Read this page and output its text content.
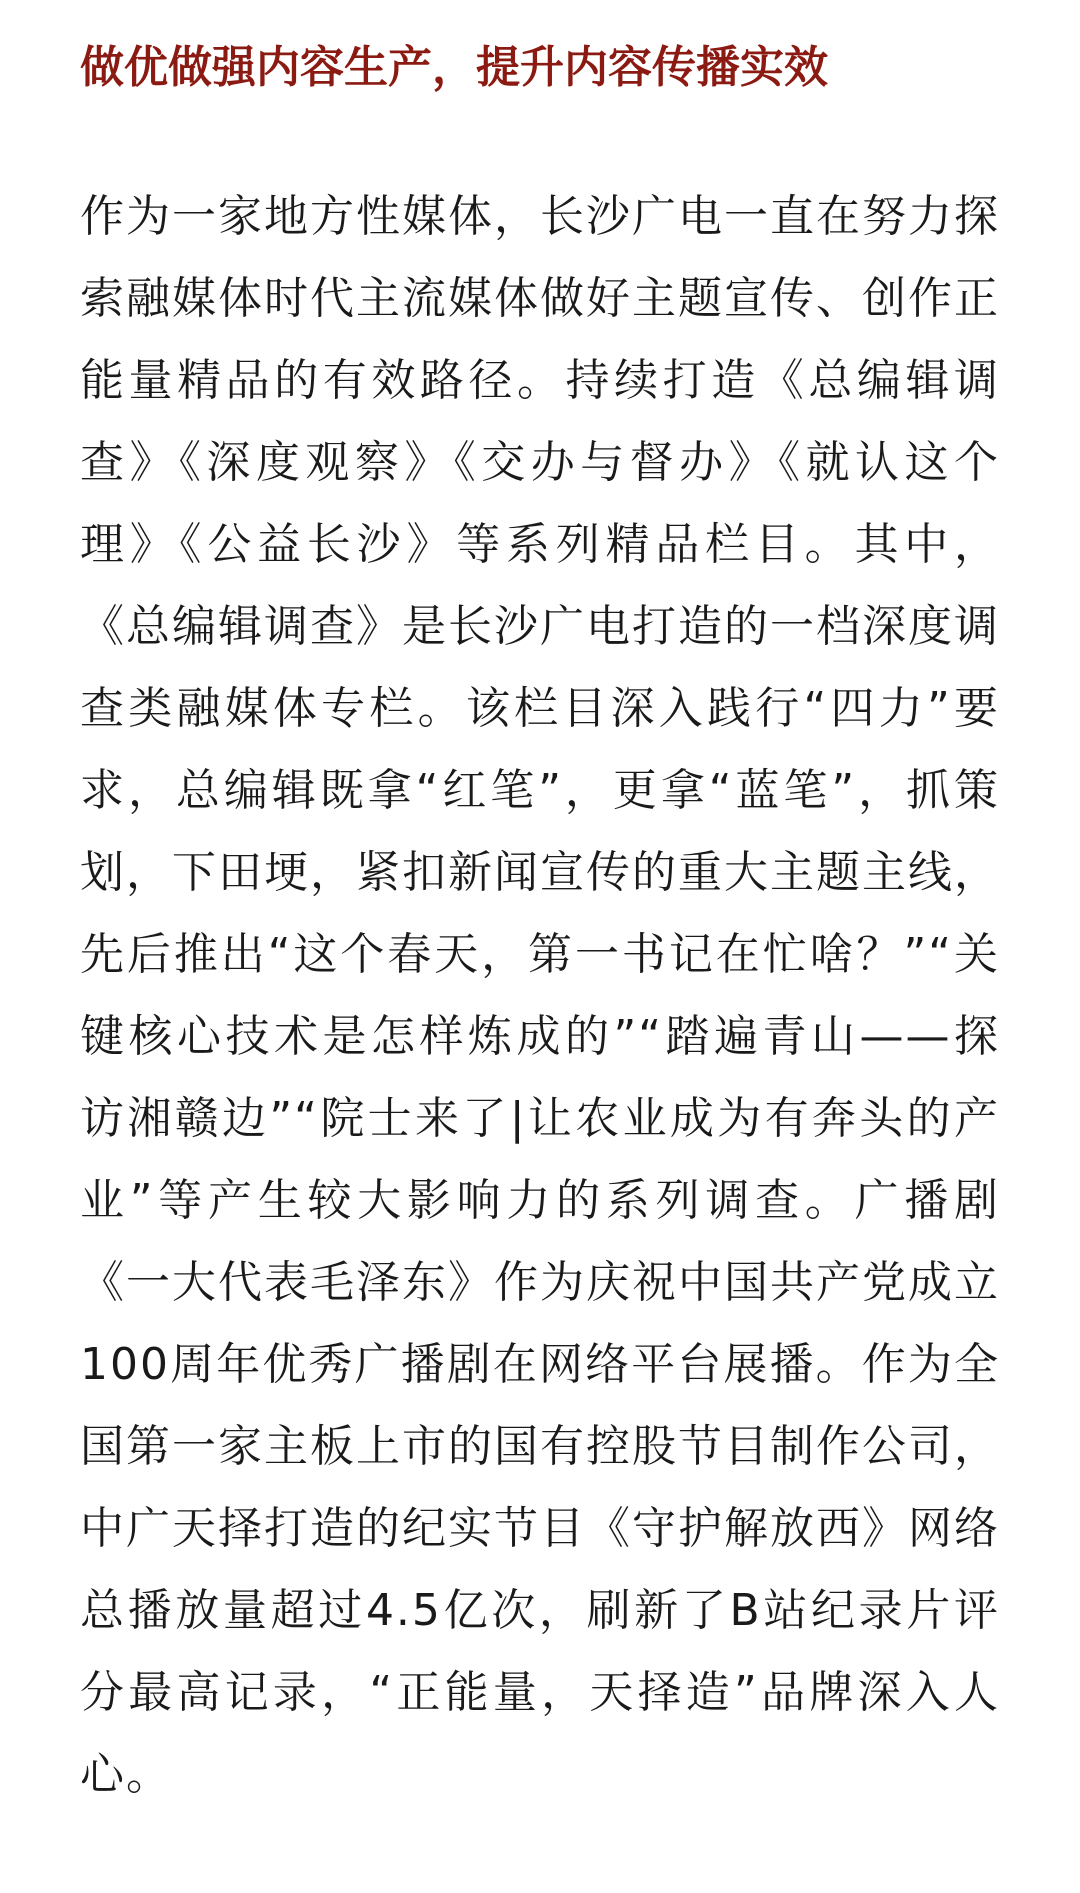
做优做强内容生产，提升内容传播实效

作为一家地方性媒体，长沙广电一直在努力探索融媒体时代主流媒体做好主题宣传、创作正能量精品的有效路径。持续打造《总编辑调查》《深度观察》《交办与督办》《就认这个理》《公益长沙》等系列精品栏目。其中，《总编辑调查》是长沙广电打造的一档深度调查类融媒体专栏。该栏目深入践行“四力”要求，总编辑既拿“红笔”，更拿“蓝笔”，抓策划，下田埂，紧扣新闻宣传的重大主题主线，先后推出“这个春天，第一书记在忙啥？”“关键核心技术是怎样炼成的”“踏遍青山——探访湘赣边”“院士来了|让农业成为有奔头的产业”等产生较大影响力的系列调查。广播剧《一大代表毛泽东》作为庆祝中国共产党成立100周年优秀广播剧在网络平台展播。作为全国第一家主板上市的国有控股节目制作公司，中广天择打造的纪实节目《守护解放西》网络总播放量超过4.5亿次，刷新了B站纪录片评分最高记录，“正能量，天择造”品牌深入人心。
